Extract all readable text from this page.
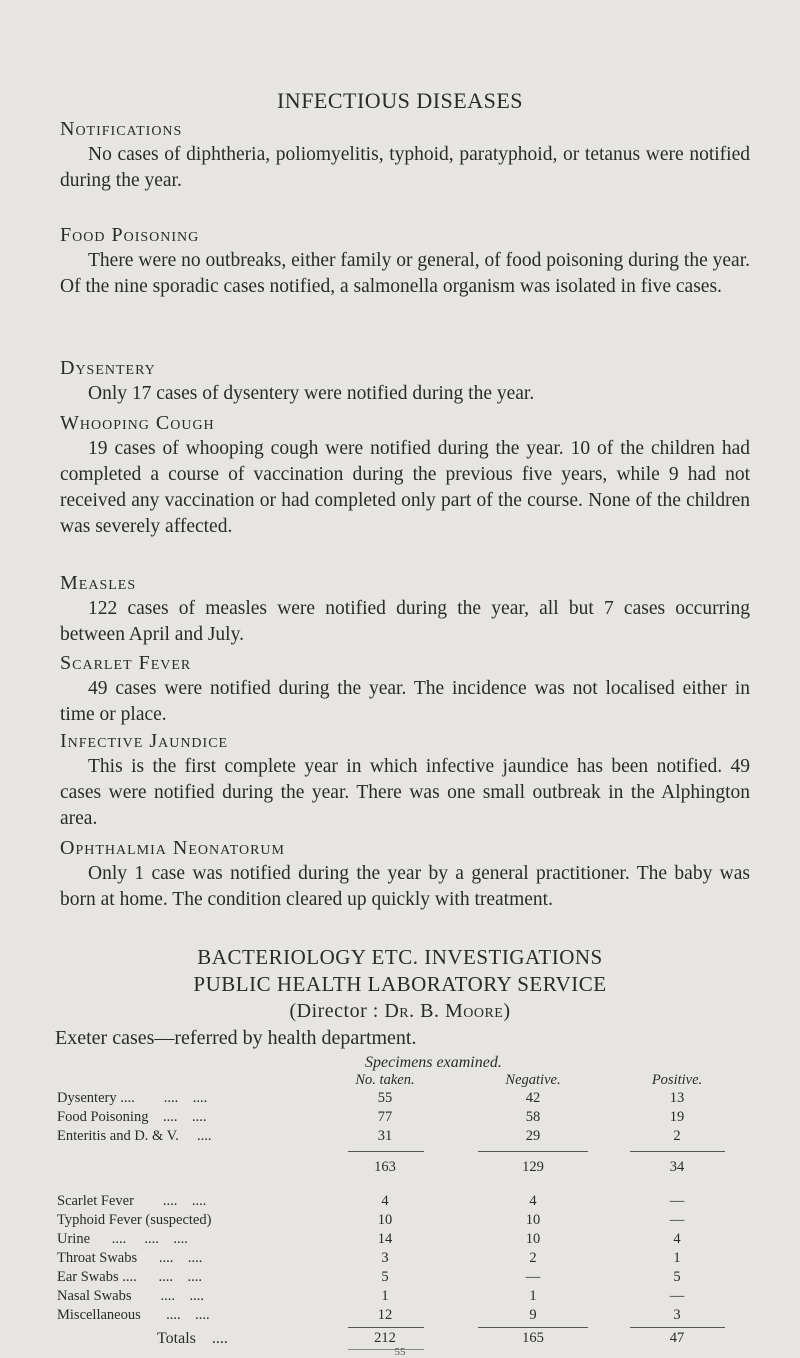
INFECTIOUS DISEASES
Notifications

No cases of diphtheria, poliomyelitis, typhoid, paratyphoid, or tetanus were notified during the year.

Food Poisoning

There were no outbreaks, either family or general, of food poisoning during the year. Of the nine sporadic cases notified, a salmonella organism was isolated in five cases.

Dysentery

Only 17 cases of dysentery were notified during the year.

Whooping Cough

19 cases of whooping cough were notified during the year. 10 of the children had completed a course of vaccination during the previous five years, while 9 had not received any vaccination or had completed only part of the course. None of the children was severely affected.

Measles

122 cases of measles were notified during the year, all but 7 cases occurring between April and July.

Scarlet Fever

49 cases were notified during the year. The incidence was not localised either in time or place.

Infective Jaundice

This is the first complete year in which infective jaundice has been notified. 49 cases were notified during the year. There was one small outbreak in the Alphington area.

Ophthalmia Neonatorum

Only 1 case was notified during the year by a general practitioner. The baby was born at home. The condition cleared up quickly with treatment.

BACTERIOLOGY ETC. INVESTIGATIONS
PUBLIC HEALTH LABORATORY SERVICE
(Director : Dr. B. Moore)
Exeter cases—referred by health department.
Specimens examined.
No. taken.	Negative.	Positive.
Dysentery ....        ....    ....	55	42	13
Food Poisoning    ....    ....	77	58	19
Enteritis and D. & V.     ....	31	29	2
163	129	34
Scarlet Fever        ....    ....	4	4	—
Typhoid Fever (suspected)	10	10	—
Urine      ....     ....    ....	14	10	4
Throat Swabs      ....    ....	3	2	1
Ear Swabs ....      ....    ....	5	—	5
Nasal Swabs        ....    ....	1	1	—
Miscellaneous       ....    ....	12	9	3
Totals    ....	212	165	47
55
